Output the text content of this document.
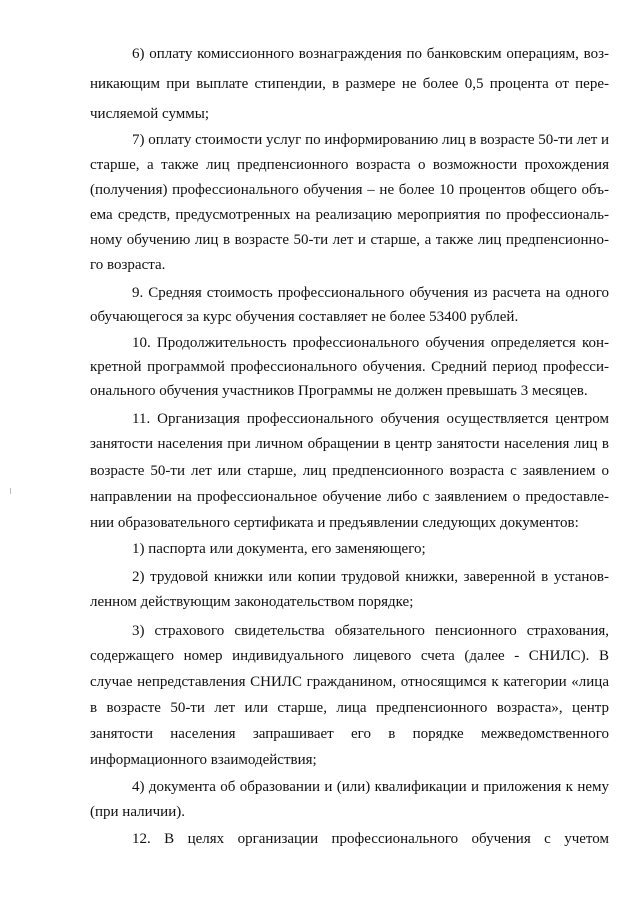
6) оплату комиссионного вознаграждения по банковским операциям, воз-
никающим при выплате стипендии, в размере не более 0,5 процента от пере-
числяемой суммы;
7) оплату стоимости услуг по информированию лиц в возрасте 50-ти лет и
старше, а также лиц предпенсионного возраста о возможности прохождения
(получения) профессионального обучения – не более 10 процентов общего объ-
ема средств, предусмотренных на реализацию мероприятия по профессиональ-
ному обучению лиц в возрасте 50-ти лет и старше, а также лиц предпенсионно-
го возраста.
9. Средняя стоимость профессионального обучения из расчета на одного
обучающегося за курс обучения составляет не более 53400 рублей.
10. Продолжительность профессионального обучения определяется кон-
кретной программой профессионального обучения. Средний период професси-
онального обучения участников Программы не должен превышать 3 месяцев.
11. Организация профессионального обучения осуществляется центром
занятости населения при личном обращении в центр занятости населения лиц в
возрасте 50-ти лет или старше, лиц предпенсионного возраста с заявлением о
направлении на профессиональное обучение либо с заявлением о предоставле-
нии образовательного сертификата и предъявлении следующих документов:
1) паспорта или документа, его заменяющего;
2) трудовой книжки или копии трудовой книжки, заверенной в установ-
ленном действующим законодательством порядке;
3) страхового свидетельства обязательного пенсионного страхования,
содержащего номер индивидуального лицевого счета (далее - СНИЛС). В
случае непредставления СНИЛС гражданином, относящимся к категории «лица
в возрасте 50-ти лет или старше, лица предпенсионного возраста», центр
занятости населения запрашивает его в порядке межведомственного
информационного взаимодействия;
4) документа об образовании и (или) квалификации и приложения к нему
(при наличии).
12. В целях организации профессионального обучения с учетом
